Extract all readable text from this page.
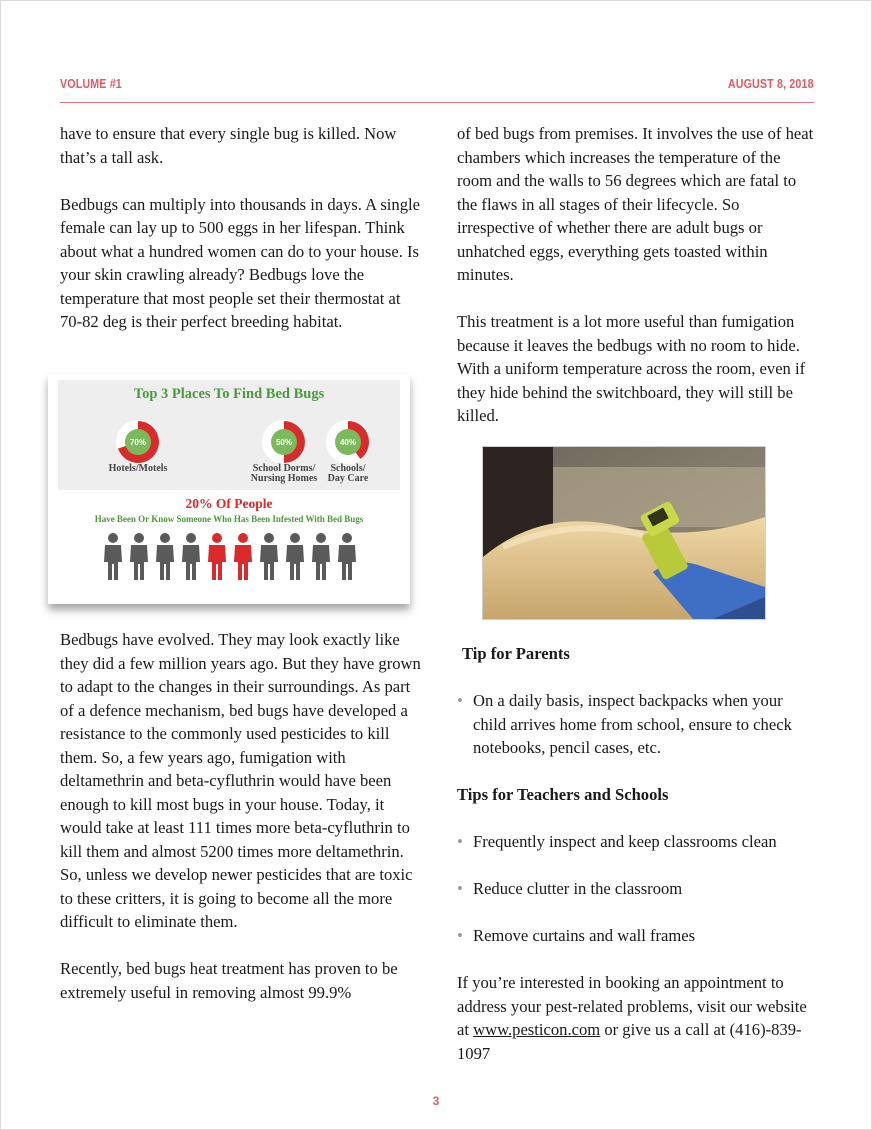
VOLUME #1	AUGUST 8, 2018

have to ensure that every single bug is killed. Now that’s a tall ask.

Bedbugs can multiply into thousands in days. A single female can lay up to 500 eggs in her lifespan. Think about what a hundred women can do to your house. Is your skin crawling already? Bedbugs love the temperature that most people set their thermostat at 70-82 deg is their perfect breeding habitat.

Top 3 Places To Find Bed Bugs
70%	50%	40%
Hotels/Motels	School Dorms/
Nursing Homes
Schools/
Day Care
20% Of People
Have Been Or Know Someone Who Has Been Infested With Bed Bugs

Bedbugs have evolved. They may look exactly like they did a few million years ago. But they have grown to adapt to the changes in their surroundings. As part of a defence mechanism, bed bugs have developed a resistance to the commonly used pesticides to kill them. So, a few years ago, fumigation with deltamethrin and beta-cyfluthrin would have been enough to kill most bugs in your house. Today, it would take at least 111 times more beta-cyfluthrin to kill them and almost 5200 times more deltamethrin. So, unless we develop newer pesticides that are toxic to these critters, it is going to become all the more difficult to eliminate them.

Recently, bed bugs heat treatment has proven to be extremely useful in removing almost 99.9%

of bed bugs from premises. It involves the use of heat chambers which increases the temperature of the room and the walls to 56 degrees which are fatal to the flaws in all stages of their lifecycle. So irrespective of whether there are adult bugs or unhatched eggs, everything gets toasted within minutes.

This treatment is a lot more useful than fumigation because it leaves the bedbugs with no room to hide. With a uniform temperature across the room, even if they hide behind the switchboard, they will still be killed.

Tip for Parents

• On a daily basis, inspect backpacks when your child arrives home from school, ensure to check notebooks, pencil cases, etc.

Tips for Teachers and Schools

• Frequently inspect and keep classrooms clean

• Reduce clutter in the classroom

• Remove curtains and wall frames

If you’re interested in booking an appointment to address your pest-related problems, visit our website at www.pesticon.com or give us a call at (416)-839-1097

3
